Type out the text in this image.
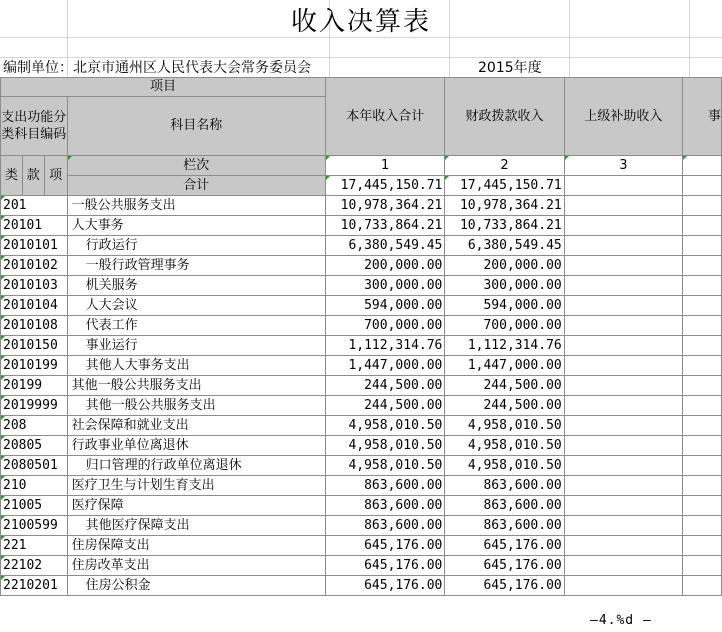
收入决算表
编制单位：北京市通州区人民代表大会常务委员会	2015年度
项目				本年收入合计	财政拨款收入	上级补助收入	事
支出功能分类科目编码			科目名称				

类	款	项	栏次	1	2	3	
			合计	17,445,150.71	17,445,150.71		
201			一般公共服务支出	10,978,364.21	10,978,364.21		
20101			人大事务	10,733,864.21	10,733,864.21		
2010101			行政运行	6,380,549.45	6,380,549.45		
2010102			一般行政管理事务	200,000.00	200,000.00		
2010103			机关服务	300,000.00	300,000.00		
2010104			人大会议	594,000.00	594,000.00		
2010108			代表工作	700,000.00	700,000.00		
2010150			事业运行	1,112,314.76	1,112,314.76		
2010199			其他人大事务支出	1,447,000.00	1,447,000.00		
20199			其他一般公共服务支出	244,500.00	244,500.00		
2019999			其他一般公共服务支出	244,500.00	244,500.00		
208			社会保障和就业支出	4,958,010.50	4,958,010.50		
20805			行政事业单位离退休	4,958,010.50	4,958,010.50		
2080501			归口管理的行政单位离退休	4,958,010.50	4,958,010.50		
210			医疗卫生与计划生育支出	863,600.00	863,600.00		
21005			医疗保障	863,600.00	863,600.00		
2100599			其他医疗保障支出	863,600.00	863,600.00		
221			住房保障支出	645,176.00	645,176.00		
22102			住房改革支出	645,176.00	645,176.00		
2210201			住房公积金	645,176.00	645,176.00		
—4.%d —
